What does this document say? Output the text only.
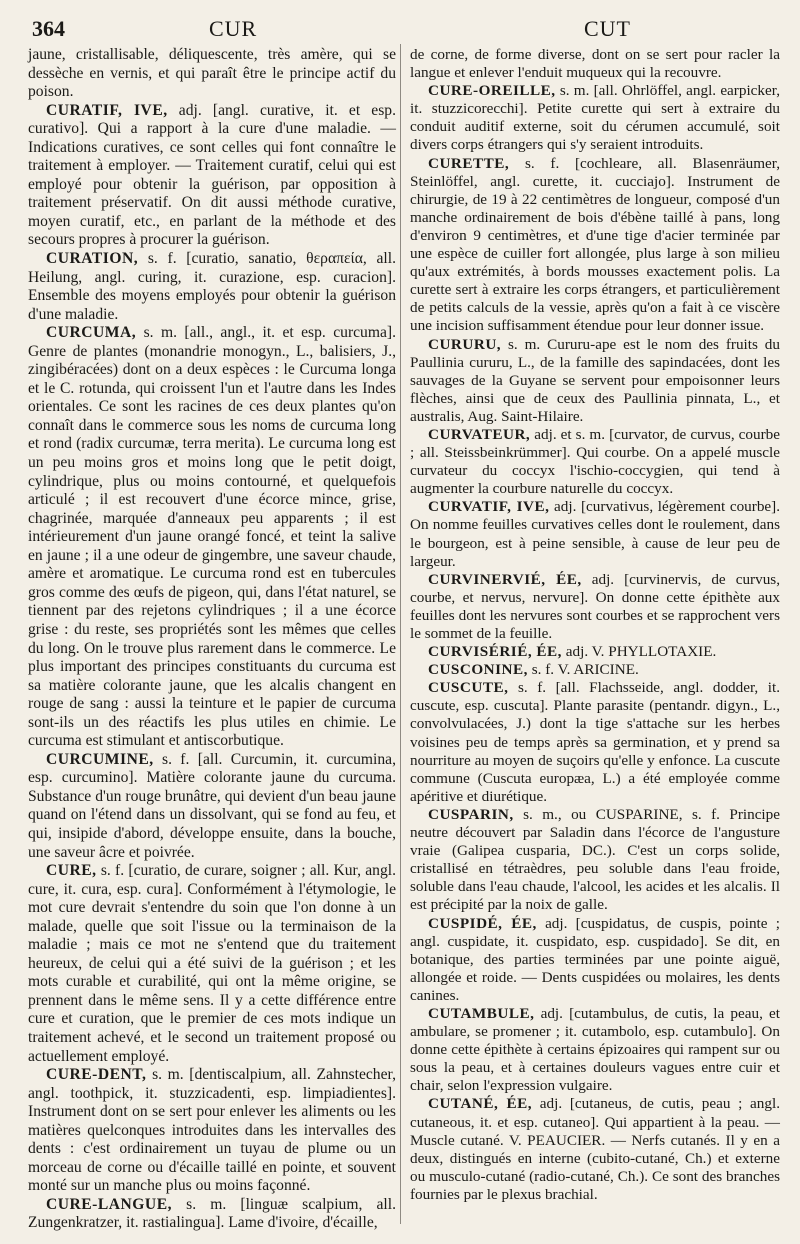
364	CUR	CUT

jaune, cristallisable, déliquescente, très amère, qui se dessèche en vernis, et qui paraît être le principe actif du poison.

CURATIF, IVE, adj. [angl. curative, it. et esp. curativo]. Qui a rapport à la cure d'une maladie. — Indications curatives, ce sont celles qui font connaître le traitement à employer. — Traitement curatif, celui qui est employé pour obtenir la guérison, par opposition à traitement préservatif. On dit aussi méthode curative, moyen curatif, etc., en parlant de la méthode et des secours propres à procurer la guérison.

CURATION, s. f. [curatio, sanatio, θεραπεία, all. Heilung, angl. curing, it. curazione, esp. curacion]. Ensemble des moyens employés pour obtenir la guérison d'une maladie.

CURCUMA, s. m. [all., angl., it. et esp. curcuma]. Genre de plantes (monandrie monogyn., L., balisiers, J., zingibéracées) dont on a deux espèces : le Curcuma longa et le C. rotunda, qui croissent l'un et l'autre dans les Indes orientales. Ce sont les racines de ces deux plantes qu'on connaît dans le commerce sous les noms de curcuma long et rond (radix curcumæ, terra merita). Le curcuma long est un peu moins gros et moins long que le petit doigt, cylindrique, plus ou moins contourné, et quelquefois articulé ; il est recouvert d'une écorce mince, grise, chagrinée, marquée d'anneaux peu apparents ; il est intérieurement d'un jaune orangé foncé, et teint la salive en jaune ; il a une odeur de gingembre, une saveur chaude, amère et aromatique. Le curcuma rond est en tubercules gros comme des œufs de pigeon, qui, dans l'état naturel, se tiennent par des rejetons cylindriques ; il a une écorce grise : du reste, ses propriétés sont les mêmes que celles du long. On le trouve plus rarement dans le commerce. Le plus important des principes constituants du curcuma est sa matière colorante jaune, que les alcalis changent en rouge de sang : aussi la teinture et le papier de curcuma sont-ils un des réactifs les plus utiles en chimie. Le curcuma est stimulant et antiscorbutique.

CURCUMINE, s. f. [all. Curcumin, it. curcumina, esp. curcumino]. Matière colorante jaune du curcuma. Substance d'un rouge brunâtre, qui devient d'un beau jaune quand on l'étend dans un dissolvant, qui se fond au feu, et qui, insipide d'abord, développe ensuite, dans la bouche, une saveur âcre et poivrée.

CURE, s. f. [curatio, de curare, soigner ; all. Kur, angl. cure, it. cura, esp. cura]. Conformément à l'étymologie, le mot cure devrait s'entendre du soin que l'on donne à un malade, quelle que soit l'issue ou la terminaison de la maladie ; mais ce mot ne s'entend que du traitement heureux, de celui qui a été suivi de la guérison ; et les mots curable et curabilité, qui ont la même origine, se prennent dans le même sens. Il y a cette différence entre cure et curation, que le premier de ces mots indique un traitement achevé, et le second un traitement proposé ou actuellement employé.

CURE-DENT, s. m. [dentiscalpium, all. Zahnstecher, angl. toothpick, it. stuzzicadenti, esp. limpiadientes]. Instrument dont on se sert pour enlever les aliments ou les matières quelconques introduites dans les intervalles des dents : c'est ordinairement un tuyau de plume ou un morceau de corne ou d'écaille taillé en pointe, et souvent monté sur un manche plus ou moins façonné.

CURE-LANGUE, s. m. [linguæ scalpium, all. Zungenkratzer, it. rastialingua]. Lame d'ivoire, d'écaille,

de corne, de forme diverse, dont on se sert pour racler la langue et enlever l'enduit muqueux qui la recouvre.

CURE-OREILLE, s. m. [all. Ohrlöffel, angl. earpicker, it. stuzzicorecchi]. Petite curette qui sert à extraire du conduit auditif externe, soit du cérumen accumulé, soit divers corps étrangers qui s'y seraient introduits.

CURETTE, s. f. [cochleare, all. Blasenräumer, Steinlöffel, angl. curette, it. cucciajo]. Instrument de chirurgie, de 19 à 22 centimètres de longueur, composé d'un manche ordinairement de bois d'ébène taillé à pans, long d'environ 9 centimètres, et d'une tige d'acier terminée par une espèce de cuiller fort allongée, plus large à son milieu qu'aux extrémités, à bords mousses exactement polis. La curette sert à extraire les corps étrangers, et particulièrement de petits calculs de la vessie, après qu'on a fait à ce viscère une incision suffisamment étendue pour leur donner issue.

CURURU, s. m. Cururu-ape est le nom des fruits du Paullinia cururu, L., de la famille des sapindacées, dont les sauvages de la Guyane se servent pour empoisonner leurs flèches, ainsi que de ceux des Paullinia pinnata, L., et australis, Aug. Saint-Hilaire.

CURVATEUR, adj. et s. m. [curvator, de curvus, courbe ; all. Steissbeinkrümmer]. Qui courbe. On a appelé muscle curvateur du coccyx l'ischio-coccygien, qui tend à augmenter la courbure naturelle du coccyx.

CURVATIF, IVE, adj. [curvativus, légèrement courbe]. On nomme feuilles curvatives celles dont le roulement, dans le bourgeon, est à peine sensible, à cause de leur peu de largeur.

CURVINERVIÉ, ÉE, adj. [curvinervis, de curvus, courbe, et nervus, nervure]. On donne cette épithète aux feuilles dont les nervures sont courbes et se rapprochent vers le sommet de la feuille.

CURVISÉRIÉ, ÉE, adj. V. PHYLLOTAXIE.

CUSCONINE, s. f. V. ARICINE.

CUSCUTE, s. f. [all. Flachsseide, angl. dodder, it. cuscute, esp. cuscuta]. Plante parasite (pentandr. digyn., L., convolvulacées, J.) dont la tige s'attache sur les herbes voisines peu de temps après sa germination, et y prend sa nourriture au moyen de suçoirs qu'elle y enfonce. La cuscute commune (Cuscuta europæa, L.) a été employée comme apéritive et diurétique.

CUSPARIN, s. m., ou CUSPARINE, s. f. Principe neutre découvert par Saladin dans l'écorce de l'angusture vraie (Galipea cusparia, DC.). C'est un corps solide, cristallisé en tétraèdres, peu soluble dans l'eau froide, soluble dans l'eau chaude, l'alcool, les acides et les alcalis. Il est précipité par la noix de galle.

CUSPIDÉ, ÉE, adj. [cuspidatus, de cuspis, pointe ; angl. cuspidate, it. cuspidato, esp. cuspidado]. Se dit, en botanique, des parties terminées par une pointe aiguë, allongée et roide. — Dents cuspidées ou molaires, les dents canines.

CUTAMBULE, adj. [cutambulus, de cutis, la peau, et ambulare, se promener ; it. cutambolo, esp. cutambulo]. On donne cette épithète à certains épizoaires qui rampent sur ou sous la peau, et à certaines douleurs vagues entre cuir et chair, selon l'expression vulgaire.

CUTANÉ, ÉE, adj. [cutaneus, de cutis, peau ; angl. cutaneous, it. et esp. cutaneo]. Qui appartient à la peau. — Muscle cutané. V. PEAUCIER. — Nerfs cutanés. Il y en a deux, distingués en interne (cubito-cutané, Ch.) et externe ou musculo-cutané (radio-cutané, Ch.). Ce sont des branches fournies par le plexus brachial.
